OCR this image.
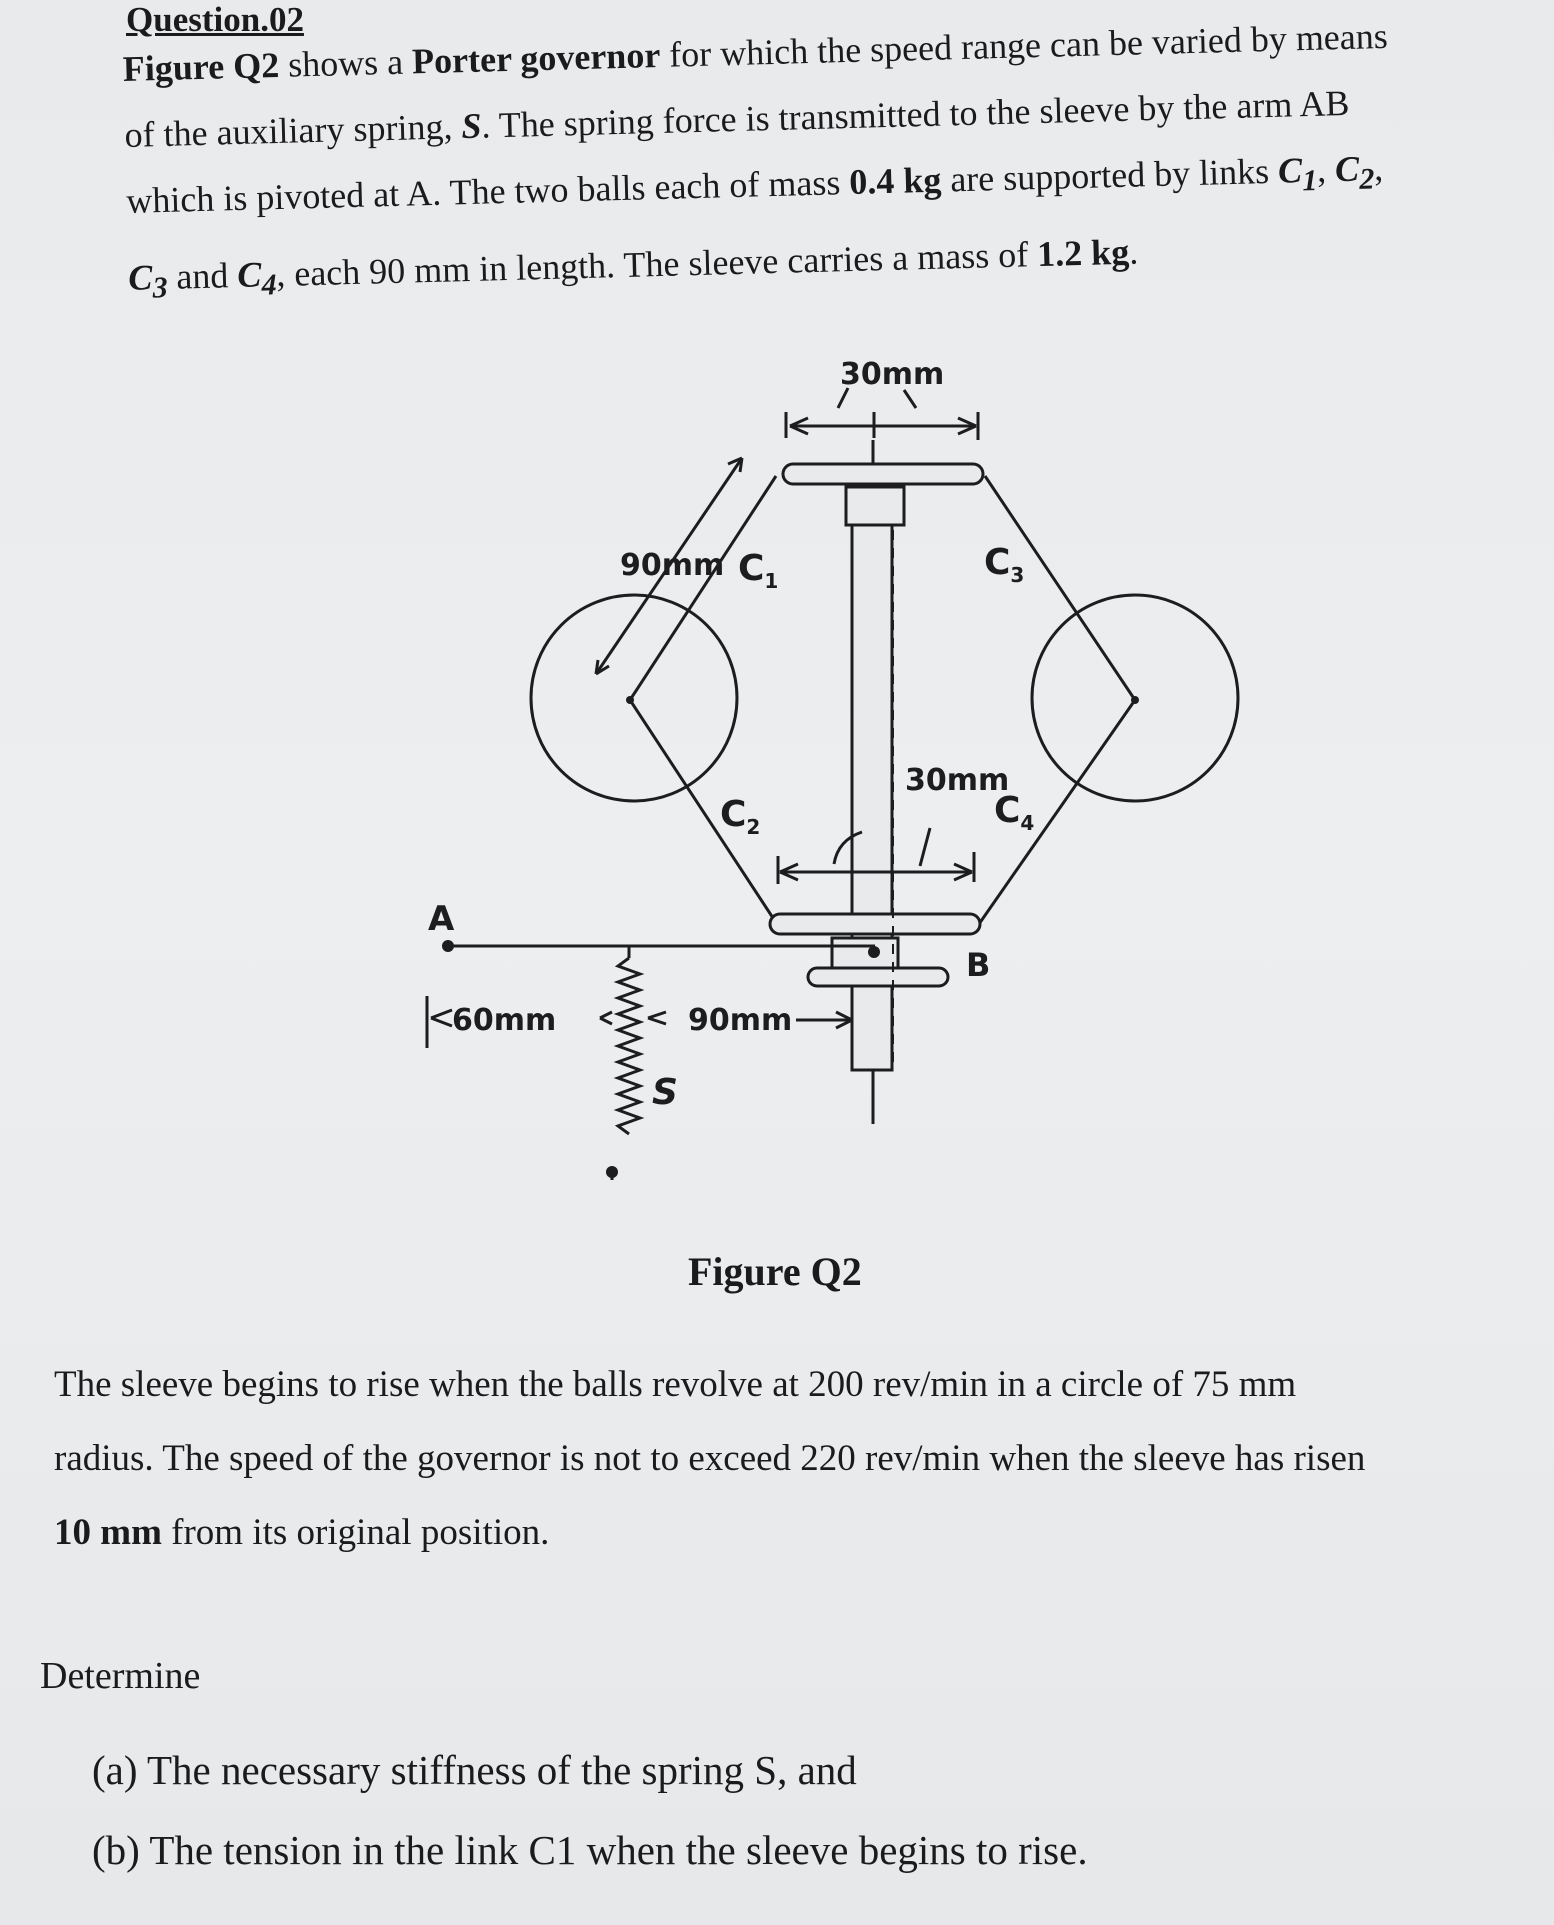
Question.02

Figure Q2 shows a Porter governor for which the speed range can be varied by means

of the auxiliary spring, S. The spring force is transmitted to the sleeve by the arm AB

which is pivoted at A. The two balls each of mass 0.4 kg are supported by links $C_1$, $C_2$,

$C_3$ and $C_4$, each 90 mm in length. The sleeve carries a mass of 1.2 kg.

30mm
90mm
30mm
60mm	90mm
$C_1$
$C_2$
$C_3$
$C_4$
A
B
S
Figure Q2

The sleeve begins to rise when the balls revolve at 200 rev/min in a circle of 75 mm

radius. The speed of the governor is not to exceed 220 rev/min when the sleeve has risen

10 mm from its original position.

Determine

(a) The necessary stiffness of the spring S, and

(b) The tension in the link C1 when the sleeve begins to rise.
